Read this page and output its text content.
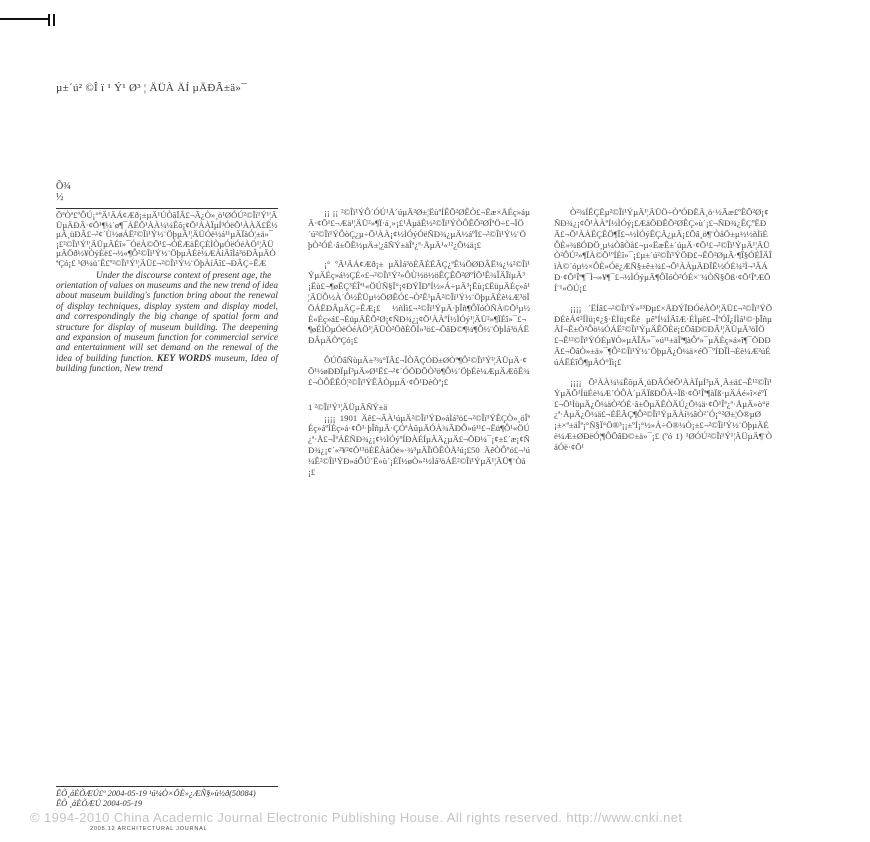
µ±´ú² ©Î ï ¹ Ý¹ Ø³ ¦ ÄÜÀ ÄÍ µÄÐÂ±ä»¯
Õ¾ ½

ÕªÒª£ºÔÚ¡°ºÄ¹ÄÁ¢Æð¡±µÄ¹ÚÒãÏÂ£¬Ã¿Ò»¸ö¹ØÓÚ²©Îï¹Ý¹¦ÄÜµÄÐÂ·¢Õ¹¶¼´ø¶¯ÁËÕ¹ÀÀ¼¼Êõ¡¢Õ¹ÀÀÏµÍ³ÓëÕ¹ÀÀÄ£Ê½µÄ¸üÐÂ£¬²¢´Ù½øÁË²©Îï¹Ý½¨ÖþµÄ¹¦ÄÜÓë½á¹¹µÄÏàÓ¦±ä»¯¡£²©Îï¹Ý¹¦ÄÜµÄÉî»¯ÓëÀ©Õ¹£¬ÓÈÆäÊÇÉÌÒµÓëÓéÀÖ¹¦ÄÜµÄÖð½¥ÒýÈë£¬½«¶Ô²©Îï¹Ý½¨ÖþµÄÉè¼ÆÀíÄîÌá³öÐÂµÄÒªÇó¡£ ¹Ø¼ü´Ê£º²©Îï¹Ý¹¦ÄÜ£¬²©Îï¹Ý½¨ÖþÀíÄî£¬ÐÂÇ÷ÊÆ

Under the discourse context of present age, the
orientation of values on museums and the new trend of idea about museum building's function bring about the renewal of display techniques, display system and display model, and correspondingly the big change of spatial form and structure for display of museum building. The deepening and expansion of museum function for commercial service and entertainment will set demand on the renewal of the idea of building function. KEY WORDS museum, Idea of building function, New trend

¡¡ ¡¡ ²©Îï¹ÝÔ´ÓÚ¹Å´úµÄ²Ø±¦ËùºÍÊÕ²ØÊÒ£¬Ëæ×ÅÉç»áµÄ·¢Õ¹£¬Æä¹¦ÄÜ²»¶Ï·á¸»¡£¹ÅµäÊ½²©Îï¹ÝÒÔÊÕ²ØÎªÖ÷£¬ÏÖ´ú²©Îï¹ÝÔòÇ¿µ÷Õ¹ÀÀ¡¢½ÌÓýÓëÑÐ¾¿µÄ½áºÏ£¬²©Îï¹Ý½¨ÖþÒ²ÓÉ·â±ÕÊ½µÄ±¦¿âÑÝ±äÎª¿ª·ÅµÄ¹«¹²¿Õ¼ä¡£

¡° ºÄ¹ÄÁ¢Æð¡± µÄÌá³öÈÃÈËÃÇ¿ªÊ¼ÖØÐÂË¼¿¼²©Îï¹ÝµÄÉç»á½ÇÉ«£¬²©Îï¹Ý²»ÔÙ½ö½öÊÇÊÕ²ØºÍÕ¹Ê¾ÎÄÎïµÄ³¡Ëù£¬¶øÊÇ³ÉÎª¹«ÖÚÑ§Ï°¡¢ÐÝÏÐºÍ½»Á÷µÄ³¡Ëù¡£ËüµÄÉç»á¹¦ÄÜÔ½À´Ô½ÊÜµ½ÖØÊÓ£¬Ò²Ê¹µÃ²©Îï¹Ý½¨ÖþµÄÉè¼Æ³öÏÖÁËÐÂµÄÇ÷ÊÆ¡£ ½ñÌì£¬²©Îï¹ÝµÄ·þÎñ¶ÔÏóÒÑÀ©Õ¹µ½È«Éç»á£¬ËüµÄÊÕ²Ø¡¢ÑÐ¾¿¡¢Õ¹ÀÀºÍ½ÌÓý¹¦ÄÜ²»¶ÏÉî»¯£¬¶øÉÌÒµÓëÓéÀÖ¹¦ÄÜÒ²ÖðÈÕÍ»³ö£¬ÕâÐ©¶¼¶Ô½¨ÖþÌá³öÁËÐÂµÄÒªÇó¡£

ÔÚÕâÑùµÄ±³¾°ÏÂ£¬ÎÒÃÇÓÐ±ØÒª¶Ô²©Îï¹Ý¹¦ÄÜµÄ·¢Õ¹½øÐÐÏµÍ³µÄ»Ø¹Ë£¬²¢´ÓÖÐÕÒ³ö¶Ô½¨ÖþÉè¼ÆµÄÆôÊ¾£¬ÒÔÊÊÓ¦²©Îï¹ÝÊÂÒµµÄ·¢Õ¹ÐèÒª¡£

1 ²©Îï¹Ý¹¦ÄÜµÄÑÝ±ä

¡¡¡¡ 1901 Äê£¬ÃÀ¹úµÄ²©Îï¹ÝÐ»áÌá³ö£¬²©Îï¹ÝÊÇÒ»¸öÎªÉç»áºÍÉç»á·¢Õ¹·þÎñµÄ·ÇÓªÀûµÄÓÀ¾ÃÐÔ»ú¹¹£¬Ëü¶Ô¹«ÖÚ¿ª·Å£¬ÎªÁËÑÐ¾¿¡¢½ÌÓýºÍÐÀÉÍµÄÄ¿µÄ£¬ÕÐ¼¯¡¢±£´æ¡¢ÑÐ¾¿¡¢´«²¥²¢Õ¹³öÈËÀàÓë»·¾³µÄÎïÖÊÒÅ²ú¡£50 ÄêÒÔºó£¬¹ú¼Ê²©Îï¹ÝÐ»áÔÚ´Ë»ù´¡ÉÏ½øÒ»²½Ìá³öÁË²©Îï¹ÝµÄ¹¦ÄÜ¶¨Òå¡£

Ò²¾ÍÊÇËµ²©Îï¹ÝµÄ¹¦ÄÜÖ÷ÒªÓÐËÄ¸ö·½Ãæ£ºÊÕ²Ø¡¢ÑÐ¾¿¡¢Õ¹ÀÀºÍ½ÌÓý¡£ÆäÖÐÊÕ²ØÊÇ»ù´¡£¬ÑÐ¾¿ÊÇºËÐÄ£¬Õ¹ÀÀÊÇÊÖ¶Î£¬½ÌÓýÊÇÄ¿µÄ¡£Õâ¸ö¶¨ÒåÖ±µ½½ñÌìÈÔÈ»¾ßÓÐÖ¸µ¼ÒâÒå£¬µ«ËæÊ±´úµÄ·¢Õ¹£¬²©Îï¹ÝµÄ¹¦ÄÜÒ²ÔÚ²»¶ÏÀ©Õ¹ºÍÉî»¯¡£µ±´ú²©Îï¹ÝÖÐ£¬ÊÕ²ØµÄ·¶Î§ÓÉÎÄÎïÀ©´óµ½×ÔÈ»Óë¿ÆÑ§±ê±¾£¬Õ¹ÀÀµÄÐÎÊ½ÓÉ¾²Ì¬³ÂÁÐ·¢Õ¹Îª¶¯Ì¬»¥¶¯£¬½ÌÓýµÄ¶ÔÏóÒ²ÓÉ×¨¼ÒÑ§Õß·¢Õ¹ÎªÆÕÍ¨¹«ÖÚ¡£

¡¡¡¡ ´ËÍâ£¬²©Îï¹Ý»¹³Ðµ£×ÅÐÝÏÐÓéÀÖ¹¦ÄÜ£¬²©Îï¹ÝÖÐÉèÁ¢²ÍÌü¡¢¿§·ÈÌü¡¢Êé µêºÍ¼ÍÄîÆ·ÉÌµê£¬ÎªÓÎ¿ÍÌá¹©·þÎñµÄÍ¬Ê±Ò²Ôö¼ÓÁË²©Îï¹ÝµÄÊÕÈë¡£ÕâÐ©ÐÂ¹¦ÄÜµÄ³öÏÖ£¬Ê¹²©Îï¹ÝÓÉµ¥Ò»µÄÎÄ»¯»ú¹¹±äÎª¶àÔª»¯µÄÉç»á»î¶¯ÖÐÐÄ£¬ÕâÒ»±ä»¯¶Ô²©Îï¹Ý½¨ÖþµÄ¿Õ¼ä×éÖ¯ºÍÐÎÌ¬Éè¼Æ²úÉúÁËÉîÔ¶µÄÓ°Ïì¡£

¡¡¡¡ Õ¹ÀÀ¼¼ÊõµÄ¸üÐÂÓëÕ¹ÀÀÏµÍ³µÄ¸Ä±ä£¬Ê¹²©Îï¹ÝµÄÕ¹ÌüÉè¼Æ´ÓÔÀ´µÄÏßÐÔÁ÷Ïß·¢Õ¹Îª¶àÏß·µÄÁé»î×éºÏ£¬Õ¹ÌüµÄ¿Õ¼äÒ²ÓÉ·â±ÕµÄÊÒÄÚ¿Õ¼ä·¢Õ¹Îª¿ª·ÅµÄ»ò°ë¿ª·ÅµÄ¿Õ¼ä£¬ÈËÃÇ¶Ô²©Îï¹ÝµÄÀí½âÒ²´Ó¡°²Ø±¦Ö®µØ¡±×ª±äÎª¡°Ñ§Ï°Ö®³¡¡±ºÍ¡°½»Á÷Ö®¼Ò¡±£¬²©Îï¹Ý½¨ÖþµÄÉè¼Æ±ØÐëÓ¦¶ÔÕâÐ©±ä»¯¡£ (ºó 1) ¹ØÓÚ²©Îï¹Ý¹¦ÄÜµÄ¶¨ÒåÓë·¢Õ¹

ÊÕ¸åÈÕÆÚ£º 2004-05-19 ¹ú¼Ò×ÔÈ»¿ÆÑ§»ù½ð(50084)
ÊÕ ¸åÈÕÆÚ 2004-05-19
© 1994-2010 China Academic Journal Electronic Publishing House. All rights reserved. http://www.cnki.net
2005.12 ARCHITECTURAL JOURNAL
